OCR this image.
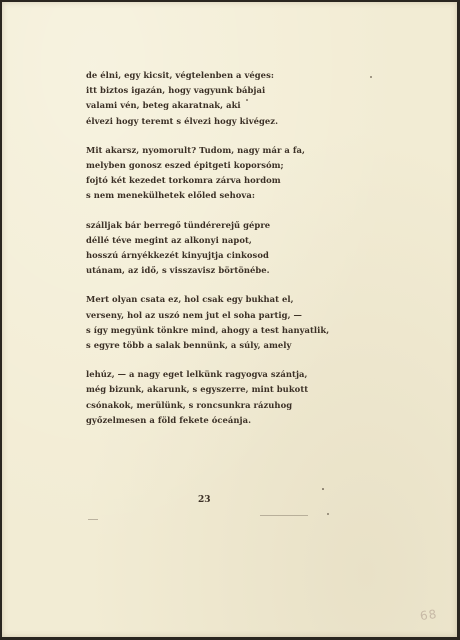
de élni, egy kicsit, végtelenben a véges:
itt biztos igazán, hogy vagyunk bábjai
valami vén, beteg akaratnak, aki
élvezi hogy teremt s élvezi hogy kivégez.
Mit akarsz, nyomorult? Tudom, nagy már a fa,
melyben gonosz eszed épitgeti koporsóm;
fojtó két kezedet torkomra zárva hordom
s nem menekülhetek előled sehova:
szálljak bár berregő tündérerejű gépre
déllé téve megint az alkonyi napot,
hosszú árnyékkezét kinyujtja cinkosod
utánam, az idő, s visszavisz börtönébe.
Mert olyan csata ez, hol csak egy bukhat el,
verseny, hol az uszó nem jut el soha partig, —
s így megyünk tönkre mind, ahogy a test hanyatlik,
s egyre több a salak bennünk, a súly, amely
lehúz, — a nagy eget lelkünk ragyogva szántja,
még bizunk, akarunk, s egyszerre, mint bukott
csónakok, merülünk, s roncsunkra rázuhog
győzelmesen a föld fekete óceánja.
23
68
